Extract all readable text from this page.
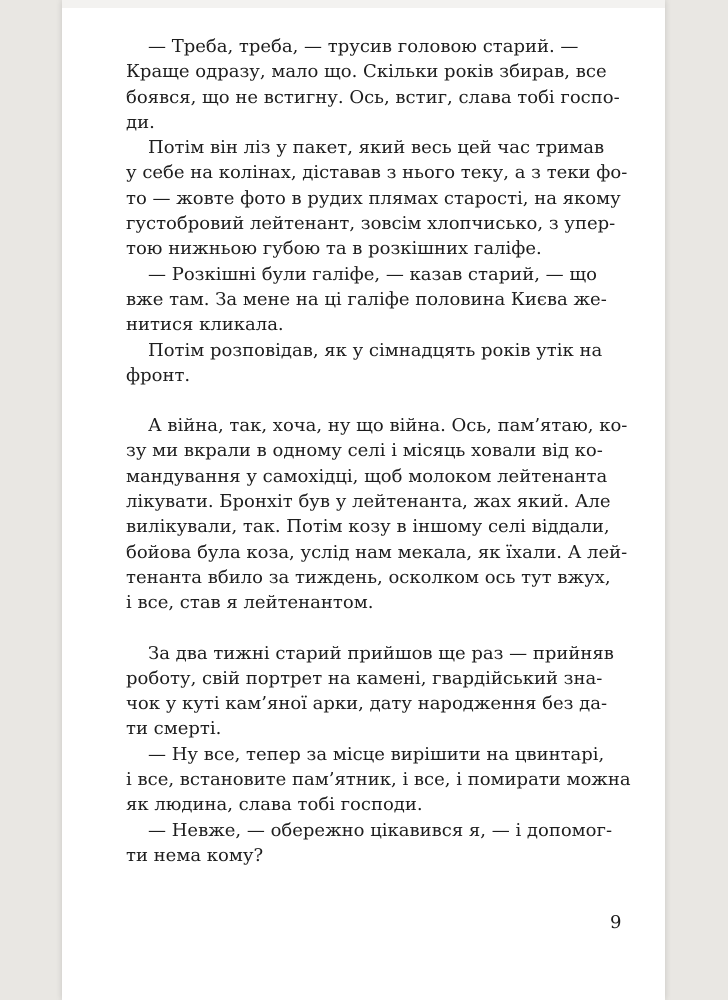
— Треба, треба, — трусив головою старий. —
Краще одразу, мало що. Скільки років збирав, все
боявся, що не встигну. Ось, встиг, слава тобі госпо-
ди.

Потім він ліз у пакет, який весь цей час тримав
у себе на колінах, діставав з нього теку, а з теки фо-
то — жовте фото в рудих плямах старості, на якому
густобровий лейтенант, зовсім хлопчисько, з упер-
тою нижньою губою та в розкішних галіфе.

— Розкішні були галіфе, — казав старий, — що
вже там. За мене на ці галіфе половина Києва же-
нитися кликала.

Потім розповідав, як у сімнадцять років утік на
фронт.

А війна, так, хоча, ну що війна. Ось, пам’ятаю, ко-
зу ми вкрали в одному селі і місяць ховали від ко-
мандування у самохідці, щоб молоком лейтенанта
лікувати. Бронхіт був у лейтенанта, жах який. Але
вилікували, так. Потім козу в іншому селі віддали,
бойова була коза, услід нам мекала, як їхали. А лей-
тенанта вбило за тиждень, осколком ось тут вжух,
і все, став я лейтенантом.

За два тижні старий прийшов ще раз — прийняв
роботу, свій портрет на камені, гвардійський зна-
чок у куті кам’яної арки, дату народження без да-
ти смерті.

— Ну все, тепер за місце вирішити на цвинтарі,
і все, встановите пам’ятник, і все, і помирати можна
як людина, слава тобі господи.

— Невже, — обережно цікавився я, — і допомог-
ти нема кому?

9
